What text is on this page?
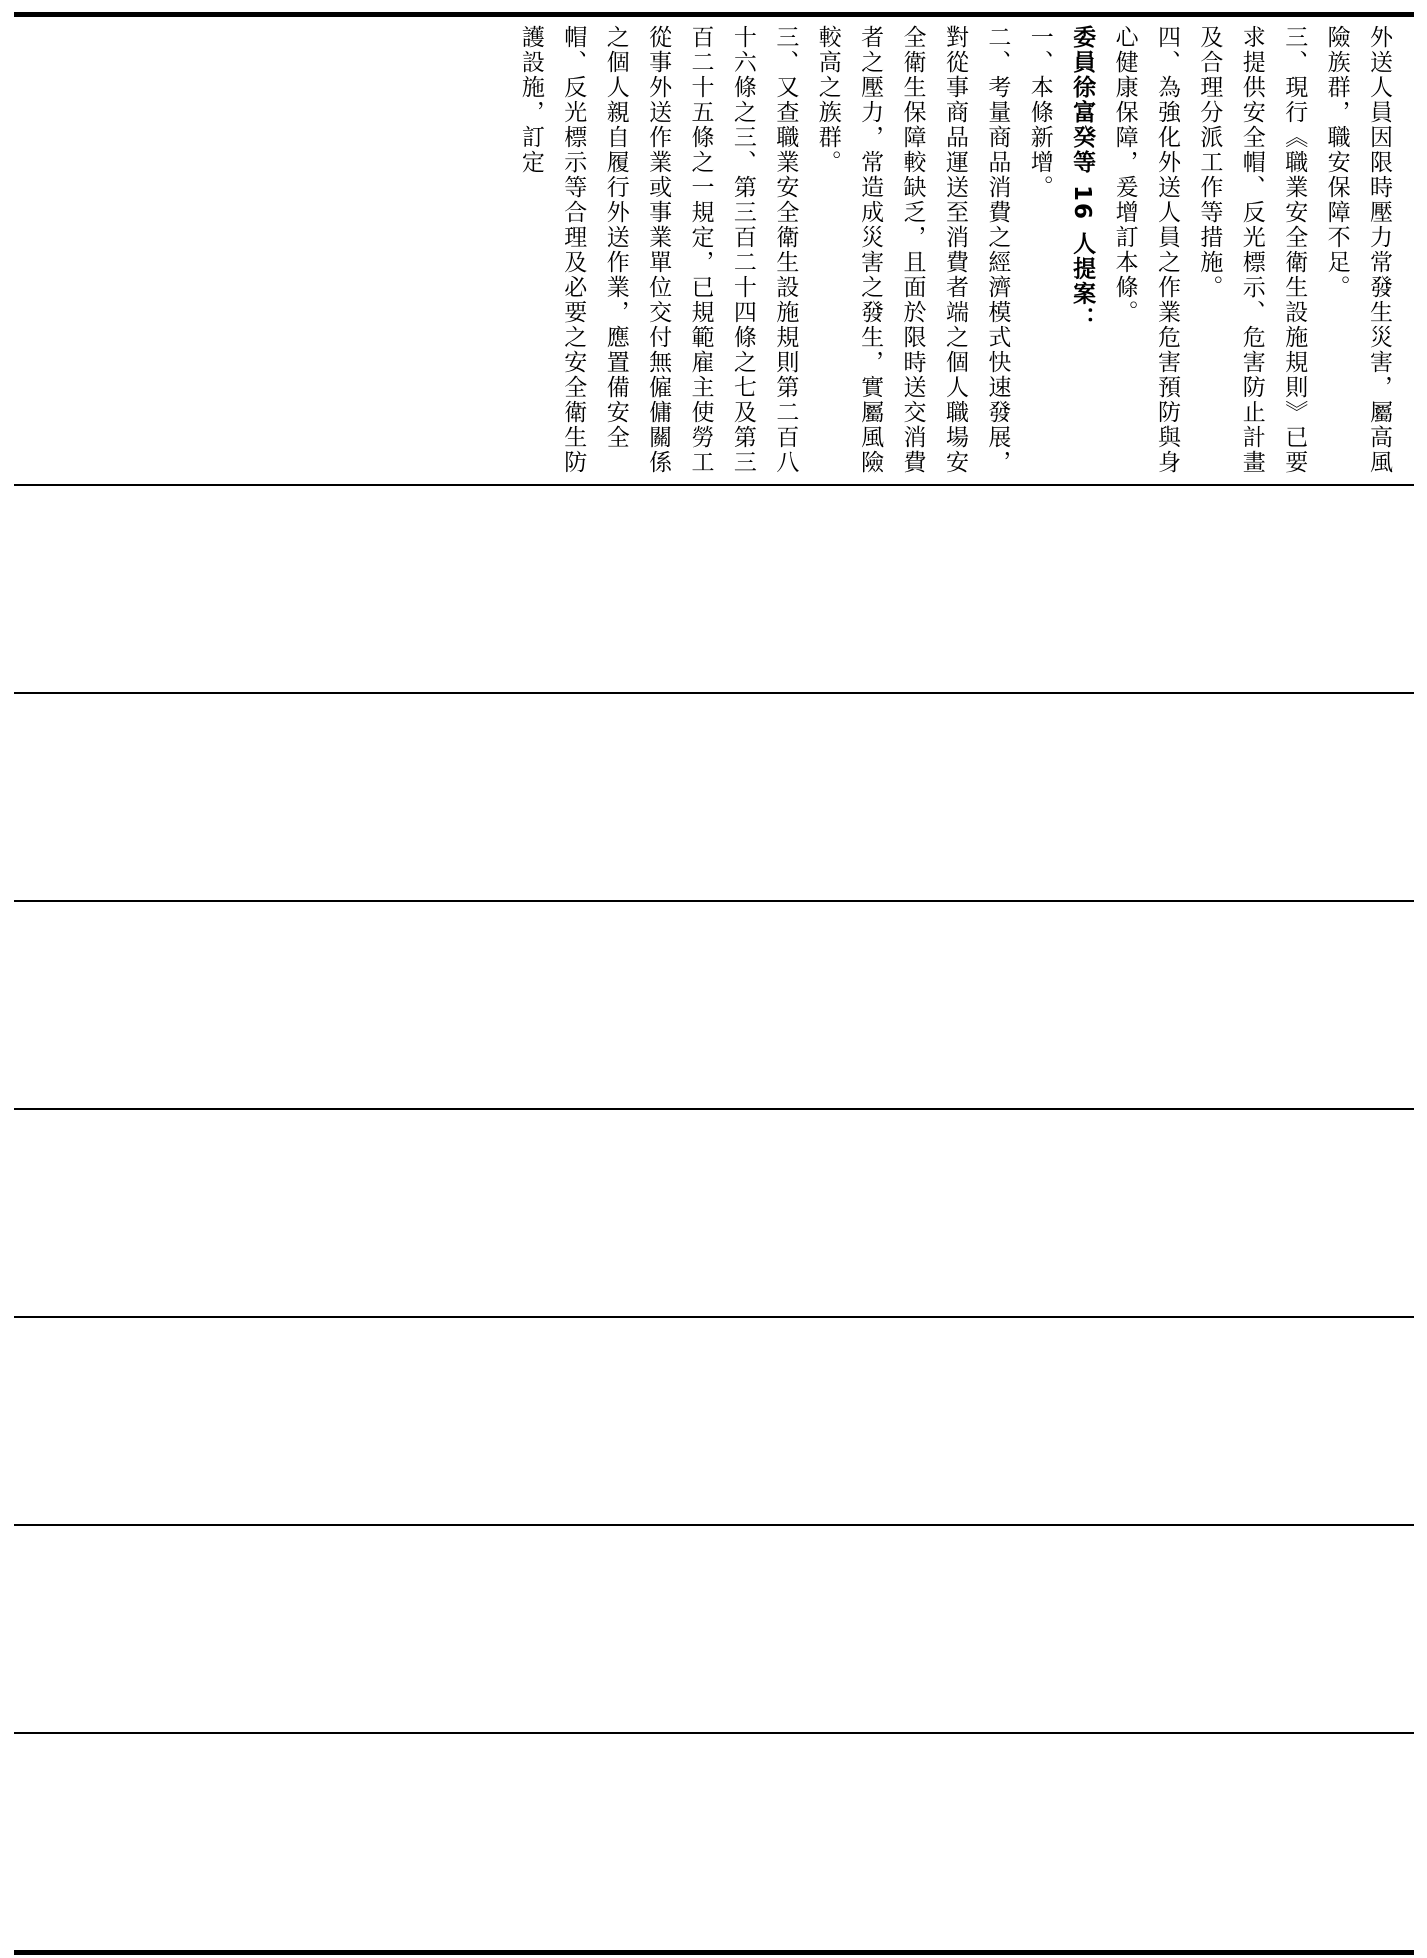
外送人員因限時壓力常發生災害，屬高風險族群，職安保障不足。
三、現行《職業安全衛生設施規則》已要求提供安全帽、反光標示、危害防止計畫及合理分派工作等措施。
四、為強化外送人員之作業危害預防與身心健康保障，爰增訂本條。
委員徐富癸等 16 人提案：
一、本條新增。
二、考量商品消費之經濟模式快速發展，對從事商品運送至消費者端之個人職場安全衛生保障較缺乏，且面於限時送交消費者之壓力，常造成災害之發生，實屬風險較高之族群。
三、又查職業安全衛生設施規則第二百八十六條之三、第三百二十四條之七及第三百二十五條之一規定，已規範雇主使勞工從事外送作業或事業單位交付無僱傭關係之個人親自履行外送作業，應置備安全帽、反光標示等合理及必要之安全衛生防護設施，訂定
